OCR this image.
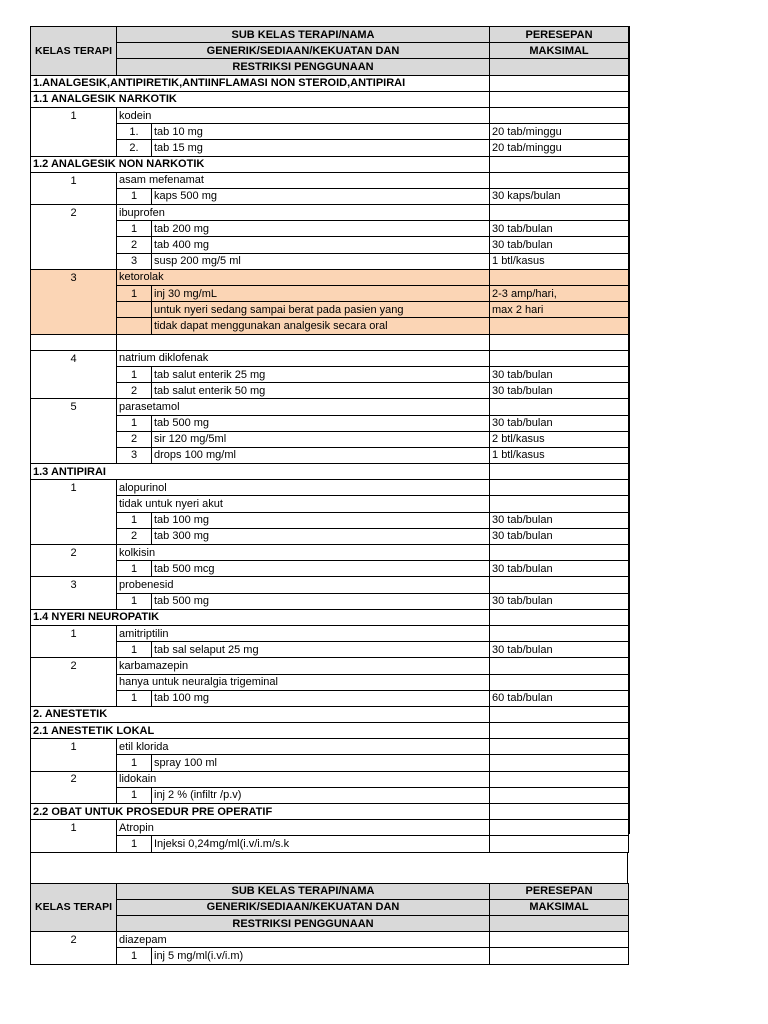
KELAS TERAPI	SUB KELAS TERAPI/NAMA		PERESEPAN
	GENERIK/SEDIAAN/KEKUATAN DAN		MAKSIMAL
	RESTRIKSI PENGGUNAAN		
1.ANALGESIK,ANTIPIRETIK,ANTIINFLAMASI NON STEROID,ANTIPIRAI			
1.1 ANALGESIK NARKOTIK			
1	kodein		
	1.	tab 10 mg	20 tab/minggu
	2.	tab 15 mg	20 tab/minggu
1.2 ANALGESIK NON NARKOTIK			
1	asam mefenamat		
	1	kaps 500 mg	30 kaps/bulan
2	ibuprofen		
	1	tab 200 mg	30 tab/bulan
	2	tab 400 mg	30 tab/bulan
	3	susp 200 mg/5 ml	1 btl/kasus
3	ketorolak		
	1	inj 30 mg/mL	2-3 amp/hari,
		untuk nyeri sedang sampai berat pada pasien yang	max 2 hari
		tidak dapat menggunakan analgesik secara oral	

4	natrium diklofenak		
	1	tab salut enterik 25 mg	30 tab/bulan
	2	tab salut enterik 50 mg	30 tab/bulan
5	parasetamol		
	1	tab 500 mg	30 tab/bulan
	2	sir 120 mg/5ml	2 btl/kasus
	3	drops 100 mg/ml	1 btl/kasus
1.3 ANTIPIRAI			
1	alopurinol		
	tidak untuk nyeri akut		
	1	tab 100 mg	30 tab/bulan
	2	tab 300 mg	30 tab/bulan
2	kolkisin		
	1	tab 500 mcg	30 tab/bulan
3	probenesid		
	1	tab 500 mg	30 tab/bulan
1.4 NYERI NEUROPATIK			
1	amitriptilin		
	1	tab sal selaput 25 mg	30 tab/bulan
2	karbamazepin		
	hanya untuk neuralgia trigeminal		
	1	tab 100 mg	60 tab/bulan
2. ANESTETIK			
2.1 ANESTETIK LOKAL			
1	etil klorida		
	1	spray 100 ml	
2	lidokain		
	1	inj 2 % (infiltr /p.v)	
2.2 OBAT UNTUK PROSEDUR PRE OPERATIF			
1	Atropin		
	1	Injeksi 0,24mg/ml(i.v/i.m/s.k	
KELAS TERAPI	SUB KELAS TERAPI/NAMA		PERESEPAN
	GENERIK/SEDIAAN/KEKUATAN DAN		MAKSIMAL
	RESTRIKSI PENGGUNAAN		
2	diazepam		
	1	inj 5 mg/ml(i.v/i.m)	
